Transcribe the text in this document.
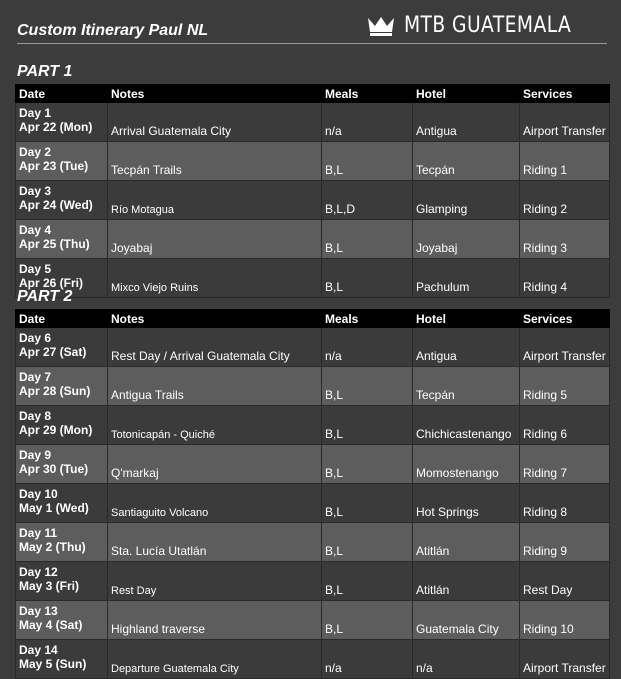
Custom Itinerary Paul NL	MTB GUATEMALA
PART 1
Date	Notes	Meals	Hotel	Services

Day 1
Apr 22 (Mon)	Arrival Guatemala City	n/a	Antigua	Airport Transfer

Day 2
Apr 23 (Tue)	Tecpán Trails	B,L	Tecpán	Riding 1

Day 3
Apr 24 (Wed)	Río Motagua	B,L,D	Glamping	Riding 2

Day 4
Apr 25 (Thu)	Joyabaj	B,L	Joyabaj	Riding 3

Day 5
Apr 26 (Fri)	Mixco Viejo Ruins	B,L	Pachulum	Riding 4
PART 2
Date	Notes	Meals	Hotel	Services

Day 6
Apr 27 (Sat)	Rest Day / Arrival Guatemala City	n/a	Antigua	Airport Transfer

Day 7
Apr 28 (Sun)	Antigua Trails	B,L	Tecpán	Riding 5

Day 8
Apr 29 (Mon)	Totonicapán - Quiché	B,L	Chichicastenango	Riding 6

Day 9
Apr 30 (Tue)	Q'markaj	B,L	Momostenango	Riding 7

Day 10
May 1 (Wed)	Santiaguito Volcano	B,L	Hot Springs	Riding 8

Day 11
May 2 (Thu)	Sta. Lucía Utatlán	B,L	Atitlán	Riding 9

Day 12
May 3 (Fri)	Rest Day	B,L	Atitlán	Rest Day

Day 13
May 4 (Sat)	Highland traverse	B,L	Guatemala City	Riding 10

Day 14
May 5 (Sun)	Departure Guatemala City	n/a	n/a	Airport Transfer
